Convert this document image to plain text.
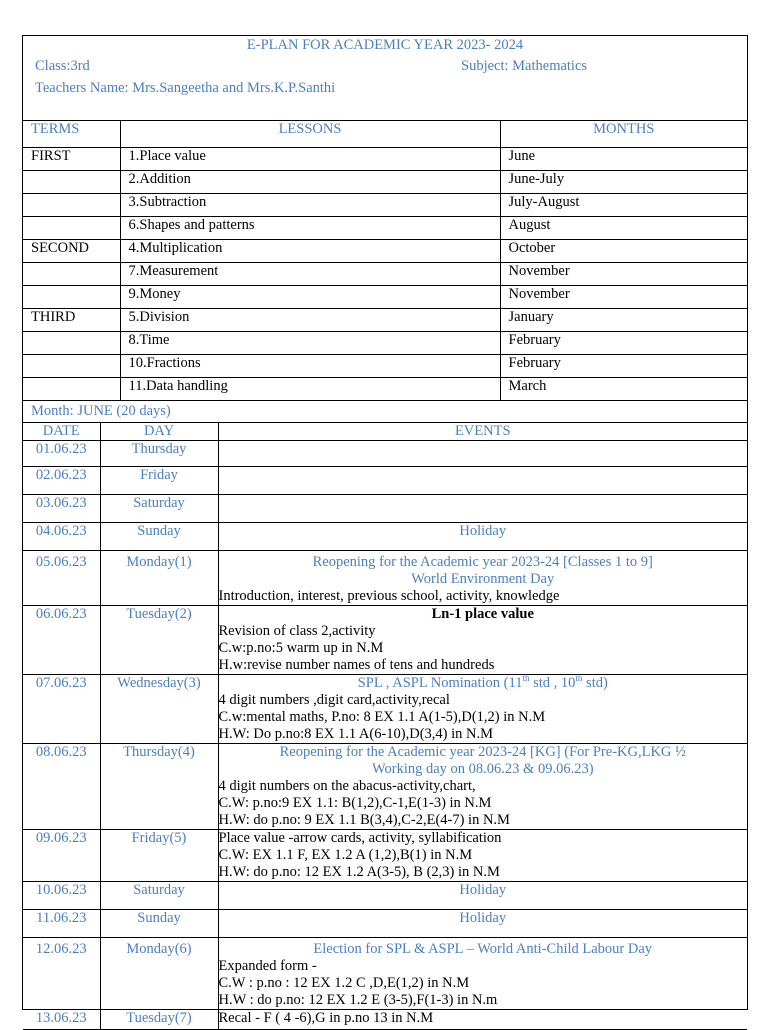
E-PLAN FOR ACADEMIC YEAR 2023- 2024
Class:3rd	Subject: Mathematics
Teachers Name: Mrs.Sangeetha and Mrs.K.P.Santhi
TERMS	LESSONS	MONTHS
FIRST	1.Place value	June
	2.Addition	June-July
	3.Subtraction	July-August
	6.Shapes and patterns	August
SECOND	4.Multiplication	October
	7.Measurement	November
	9.Money	November
THIRD	5.Division	January
	8.Time	February
	10.Fractions	February
	11.Data handling	March
Month: JUNE (20 days)		
DATE	DAY	EVENTS
01.06.23	Thursday	
02.06.23	Friday	
03.06.23	Saturday	
04.06.23	Sunday	Holiday
05.06.23	Monday(1)	Reopening for the Academic year 2023-24 [Classes 1 to 9]
World Environment Day
Introduction, interest, previous school, activity, knowledge

06.06.23	Tuesday(2)	Ln-1 place value
Revision of class 2,activity
C.w:p.no:5 warm up in N.M
H.w:revise number names of tens and hundreds

07.06.23	Wednesday(3)	SPL , ASPL Nomination (11th std , 10th std)
4 digit numbers ,digit card,activity,recal
C.w:mental maths, P.no: 8 EX 1.1 A(1-5),D(1,2) in N.M
H.W: Do p.no:8 EX 1.1 A(6-10),D(3,4) in N.M

08.06.23	Thursday(4)	Reopening for the Academic year 2023-24 [KG] (For Pre-KG,LKG ½
Working day on 08.06.23 & 09.06.23)
4 digit numbers on the abacus-activity,chart,
C.W: p.no:9 EX 1.1: B(1,2),C-1,E(1-3) in N.M
H.W: do p.no: 9 EX 1.1 B(3,4),C-2,E(4-7) in N.M

09.06.23	Friday(5)	Place value -arrow cards, activity, syllabification
C.W: EX 1.1 F, EX 1.2 A (1,2),B(1) in N.M
H.W: do p.no: 12 EX 1.2 A(3-5), B (2,3) in N.M

10.06.23	Saturday	Holiday
11.06.23	Sunday	Holiday
12.06.23	Monday(6)	Election for SPL & ASPL – World Anti-Child Labour Day
Expanded form -
C.W : p.no : 12 EX 1.2 C ,D,E(1,2) in N.M
H.W : do p.no: 12 EX 1.2 E (3-5),F(1-3) in N.m

13.06.23	Tuesday(7)	Recal - F ( 4 -6),G in p.no 13 in N.M
